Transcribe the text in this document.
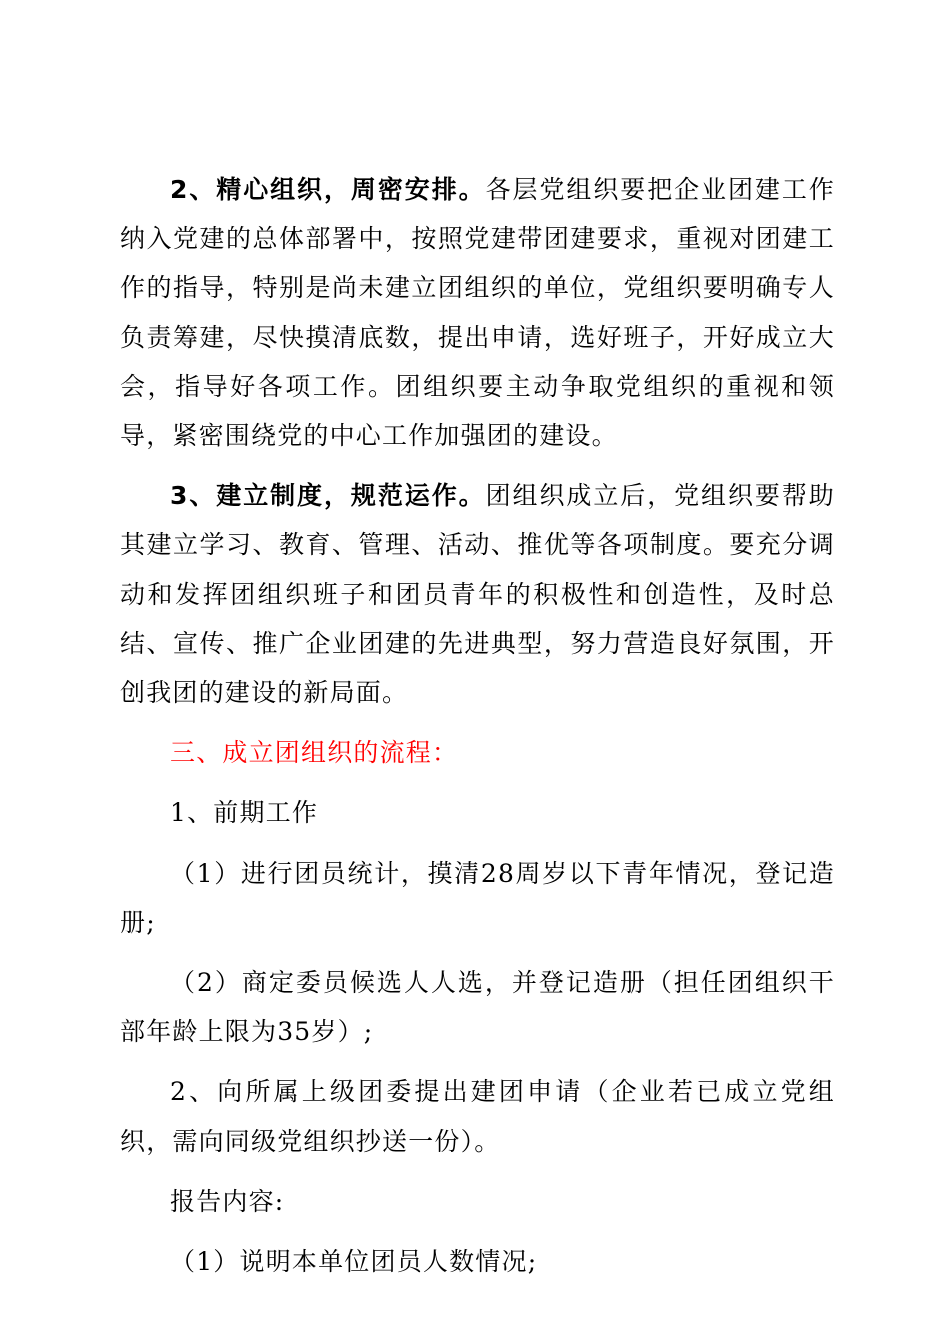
2、精心组织，周密安排。各层党组织要把企业团建工作纳入党建的总体部署中，按照党建带团建要求，重视对团建工作的指导，特别是尚未建立团组织的单位，党组织要明确专人负责筹建，尽快摸清底数，提出申请，选好班子，开好成立大会，指导好各项工作。团组织要主动争取党组织的重视和领导，紧密围绕党的中心工作加强团的建设。

3、建立制度，规范运作。团组织成立后，党组织要帮助其建立学习、教育、管理、活动、推优等各项制度。要充分调动和发挥团组织班子和团员青年的积极性和创造性，及时总结、宣传、推广企业团建的先进典型，努力营造良好氛围，开创我团的建设的新局面。

三、成立团组织的流程：

1、前期工作

（1）进行团员统计，摸清28周岁以下青年情况，登记造册;

（2）商定委员候选人人选，并登记造册（担任团组织干部年龄上限为35岁）;

2、向所属上级团委提出建团申请（企业若已成立党组织，需向同级党组织抄送一份）。

报告内容:

（1）说明本单位团员人数情况;
